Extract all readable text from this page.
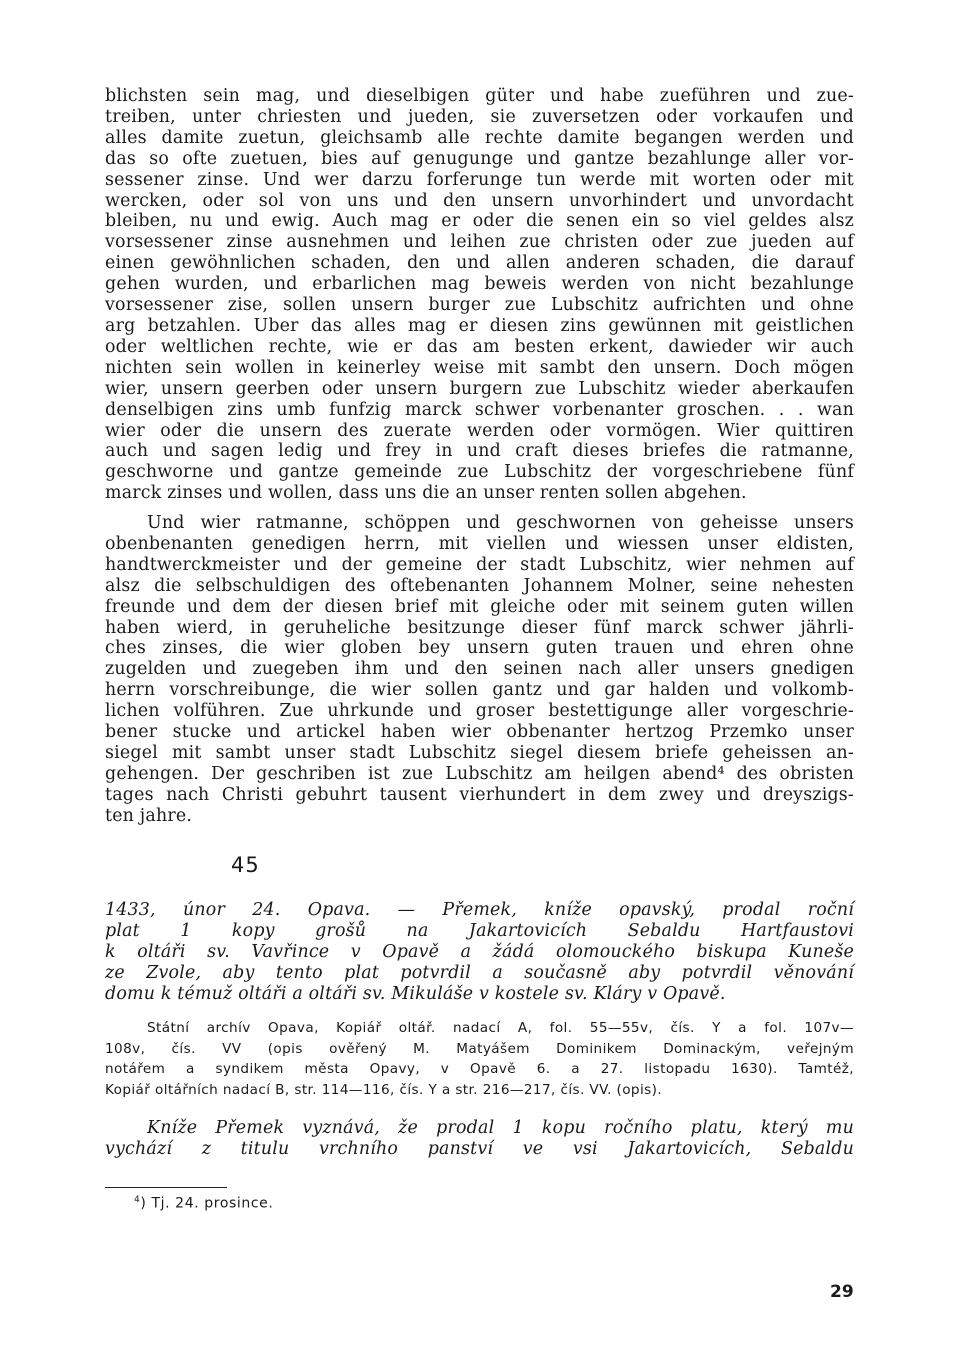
blichsten sein mag, und dieselbigen güter und habe zueführen und zue-
treiben, unter chriesten und jueden, sie zuversetzen oder vorkaufen und
alles damite zuetun, gleichsamb alle rechte damite begangen werden und
das so ofte zuetuen, bies auf genugunge und gantze bezahlunge aller vor-
sessener zinse. Und wer darzu forferunge tun werde mit worten oder mit
wercken, oder sol von uns und den unsern unvorhindert und unvordacht
bleiben, nu und ewig. Auch mag er oder die senen ein so viel geldes alsz
vorsessener zinse ausnehmen und leihen zue christen oder zue jueden auf
einen gewöhnlichen schaden, den und allen anderen schaden, die darauf
gehen wurden, und erbarlichen mag beweis werden von nicht bezahlunge
vorsessener zise, sollen unsern burger zue Lubschitz aufrichten und ohne
arg betzahlen. Uber das alles mag er diesen zins gewünnen mit geistlichen
oder weltlichen rechte, wie er das am besten erkent, dawieder wir auch
nichten sein wollen in keinerley weise mit sambt den unsern. Doch mögen
wier, unsern geerben oder unsern burgern zue Lubschitz wieder aberkaufen
denselbigen zins umb funfzig marck schwer vorbenanter groschen. . . wan
wier oder die unsern des zuerate werden oder vormögen. Wier quittiren
auch und sagen ledig und frey in und craft dieses briefes die ratmanne,
geschworne und gantze gemeinde zue Lubschitz der vorgeschriebene fünf
marck zinses und wollen, dass uns die an unser renten sollen abgehen.
Und wier ratmanne, schöppen und geschwornen von geheisse unsers
obenbenanten genedigen herrn, mit viellen und wiessen unser eldisten,
handtwerckmeister und der gemeine der stadt Lubschitz, wier nehmen auf
alsz die selbschuldigen des oftebenanten Johannem Molner, seine nehesten
freunde und dem der diesen brief mit gleiche oder mit seinem guten willen
haben wierd, in geruheliche besitzunge dieser fünf marck schwer jährli-
ches zinses, die wier globen bey unsern guten trauen und ehren ohne
zugelden und zuegeben ihm und den seinen nach aller unsers gnedigen
herrn vorschreibunge, die wier sollen gantz und gar halden und volkomb-
lichen volführen. Zue uhrkunde und groser bestettigunge aller vorgeschrie-
bener stucke und artickel haben wier obbenanter hertzog Przemko unser
siegel mit sambt unser stadt Lubschitz siegel diesem briefe geheissen an-
gehengen. Der geschriben ist zue Lubschitz am heilgen abend⁴ des obristen
tages nach Christi gebuhrt tausent vierhundert in dem zwey und dreyszigs-
ten jahre.
45
1433, únor 24. Opava. — Přemek, kníže opavský, prodal roční
plat 1 kopy grošů na Jakartovicích Sebaldu Hartfaustovi
k oltáři sv. Vavřince v Opavě a žádá olomouckého biskupa Kuneše
ze Zvole, aby tento plat potvrdil a současně aby potvrdil věnování
domu k témuž oltáři a oltáři sv. Mikuláše v kostele sv. Kláry v Opavě.
Státní archív Opava, Kopiář oltář. nadací A, fol. 55—55v, čís. Y a fol. 107v—
108v, čís. VV (opis ověřený M. Matyášem Dominikem Dominackým, veřejným
notářem a syndikem města Opavy, v Opavě 6. a 27. listopadu 1630). Tamtéž,
Kopiář oltářních nadací B, str. 114—116, čís. Y a str. 216—217, čís. VV. (opis).
Kníže Přemek vyznává, že prodal 1 kopu ročního platu, který mu
vychází z titulu vrchního panství ve vsi Jakartovicích, Sebaldu
$^4$) Tj. 24. prosince.
29
